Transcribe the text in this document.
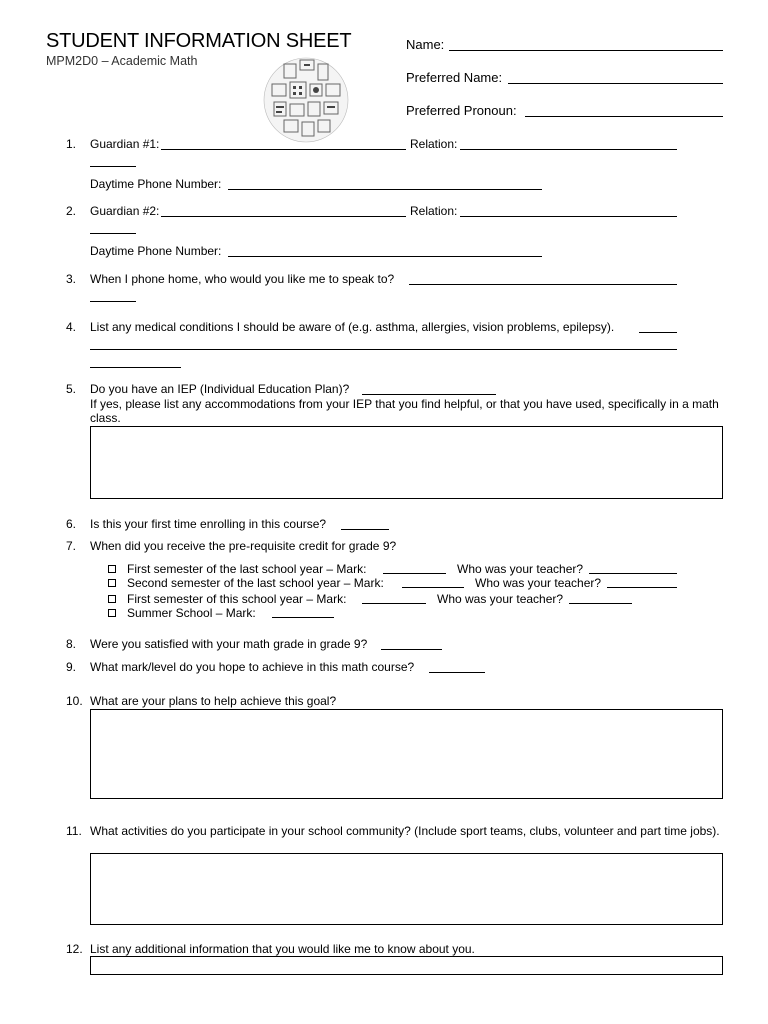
STUDENT INFORMATION SHEET
MPM2D0 – Academic Math
Name:
Preferred Name:
Preferred Pronoun:
1. Guardian #1:	Relation:
Daytime Phone Number:
2. Guardian #2:	Relation:
Daytime Phone Number:
3. When I phone home, who would you like me to speak to?
4. List any medical conditions I should be aware of (e.g. asthma, allergies, vision problems, epilepsy).
5. Do you have an IEP (Individual Education Plan)?
If yes, please list any accommodations from your IEP that you find helpful, or that you have used, specifically in a math class.
6. Is this your first time enrolling in this course?
7. When did you receive the pre-requisite credit for grade 9?
First semester of the last school year – Mark:	Who was your teacher?
Second semester of the last school year – Mark:	Who was your teacher?
First semester of this school year – Mark:	Who was your teacher?
Summer School – Mark:
8. Were you satisfied with your math grade in grade 9?
9. What mark/level do you hope to achieve in this math course?
10. What are your plans to help achieve this goal?
11. What activities do you participate in your school community? (Include sport teams, clubs, volunteer and part time jobs).
12. List any additional information that you would like me to know about you.
